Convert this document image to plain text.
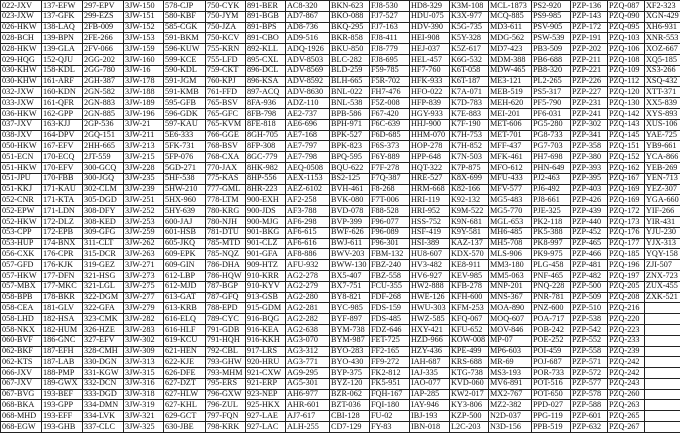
022-JXV	137-EFW	297-EPV	3JW-150	578-CJP	750-CYK	891-BER	AC8-320	BKN-623	FJ8-530	HD8-329	K3M-108	MCL-1873	PS2-920	PZP-136	PZQ-087	XF2-323
023-JXW	137-GFK	299-EZS	3JW-151	580-KBF	750-JYM	891-BGB	AD7-867	BKO-088	FJ7-527	HDU-075	K3X-977	MCQ-885	PS9-985	PZP-143	PZQ-090	XGN-429
026-HKW	138-LAQ	2FB-009	3JW-152	585-CGK	750-JZA	891-BPS	AD8-736	BKQ-295	FJ7-163	HDV-390	K5G-735	MD3-611	PSV-905	PZP-172	PZQ-095	XH6-931
028-BCH	139-BPN	2FE-266	3JW-153	591-BKM	750-KCV	891-CBO	AD9-516	BKR-858	FJ8-411	HEI-908	K5Y-328	MDG-562	PSW-539	PZP-191	PZQ-103	XNR-553
028-HKW	139-GLA	2FV-066	3JW-159	596-KUW	755-KRN	892-KLL	ADQ-1926	BKU-850	FJ8-779	HEJ-037	K5Z-617	MD7-423	PB3-509	PZP-202	PZQ-106	XOZ-667
029-HQG	152-QJU	2GG-202	3JW-160	599-KCE	755-LFD	895-CXL	ADV-8503	BLC-282	FJ8-695	HEL-457	K6G-532	MDM-388	PB6-688	PZP-211	PZQ-108	XQ5-185
030-KHW	158-KDL	2GG-780	3JW-16	590-KDL	759-CKT	896-DCL	ADV-8569	BLD-259	F59-785	HF7-760	K6T-058	MDW-465	PB8-320	PZP-221	PZQ-109	XS3-266
030-KHW	161-ARF	2GH-387	3JW-178	591-JGM	760-KPJ	896-KSA	ADV-8592	BLH-665	F5R-702	HFK-933	K6T-187	ME3-121	PL2-265	PZP-226	PZQ-112	XSQ-432
032-JXW	160-KDN	2GN-582	3JW-188	591-KMB	761-FFD	897-ACQ	ADV-8630	BNL-022	FH7-476	HFO-022	K7A-071	MEB-519	PS5-317	PZP-227	PZQ-120	XTT-371
033-JXW	161-QFR	2GN-883	3JW-189	595-GFB	765-BSV	8FA-936	ADZ-110	BNL-538	F5Z-008	HFP-839	K7D-783	MEH-620	PF5-790	PZP-231	PZQ-130	XX5-839
036-HKW	162-GPP	2GN-885	3JW-196	596-GDK	765-GFC	8FB-798	AE2-737	BPB-586	F67-420	HGY-933	K7E-883	MEI-201	PF6-031	PZP-241	PZQ-142	XYS-893
037-JXV	163-KJJ	2GP-536	3JW-21	597-KAU	765-KVM	8FE-818	AE6-696	BPH-971	F6C-639	HHJ-900	K7F-190	MET-606	PG5-280	PZP-302	PZQ-143	XUS-106
038-JXV	164-DPV	2GQ-151	3JW-211	5E6-333	766-GGE	8GH-705	AE7-168	BPK-527	F6D-685	HHM-070	K7H-753	MET-701	PG8-733	PZP-341	PZQ-145	YAE-725
050-HKW	167-EFV	2HH-665	3JW-213	5FK-731	768-BSV	8FP-308	AE7-797	BPK-823	F6S-373	HOP-278	K7H-852	MFF-437	PG7-703	PZP-358	PZQ-151	YB9-661
051-ECN	170-ECQ	2JT-559	3JW-215	5FP-076	768-CXA	8GC-779	AE7-798	BPQ-595	F6Y-889	HPP-648	K7N-503	MFK-461	PH7-698	PZP-380	PZQ-152	YCA-866
051-HKW	170-EFV	300-GCQ	3JW-228	5GD-271	770-JAX	8HK-982	AEQ-0508	BQU-622	F7F-278	HQT-322	K7P-875	MFO-612	PHN-649	PZP-393	PZQ-162	YEB-269
051-JPU	170-FBB	300-JGQ	3JW-235	5HF-538	775-KAS	8HP-556	AEX-1153	BS2-125	F7Q-387	HRE-527	K8X-699	MFU-433	PJ2-463	PZP-395	PZQ-167	YEN-713
051-KKJ	171-KAU	302-CLM	3JW-239	5HW-210	777-GML	8HR-223	AEZ-6102	BVH-461	F8-268	HRM-668	K82-166	MFV-577	PJ6-492	PZP-403	PZQ-169	YEZ-307
052-CNR	171-KTA	305-DGD	3JW-251	5HX-960	778-LTM	900-EXH	AF2-258	BVK-080	F7T-006	HRI-119	K92-132	MG5-483	PJ8-661	PZP-426	PZQ-169	YGA-660
052-EPW	171-LDN	308-DFY	3JW-252	5HY-639	780-KRG	900-JDS	AF3-788	BVD-078	F88-528	HRI-952	K9M-522	MG5-770	PJE-325	PZP-439	PZQ-172	YIF-266
052-HKW	172-DLZ	308-KED	3JW-253	600-JAJ	780-NJH	900-MJG	AF6-298	BVP-399	F96-077	HSS-752	K9N-681	MGL-653	PK2-118	PZP-440	PZQ-173	YIR-431
053-CPP	172-EPB	309-GFG	3JW-259	601-HSB	781-DTU	901-BKG	AF6-615	BWF-626	F96-089	HSF-419	K9Y-581	MH6-485	PK5-388	PZP-452	PZQ-176	YJU-230
053-HUP	174-BNX	311-CLT	3JW-262	605-JKQ	785-MTD	901-CLZ	AF6-616	BWJ-611	F96-301	HSI-389	KAZ-137	MH5-708	PK8-997	PZP-465	PZQ-177	YJX-313
056-CXK	176-CPR	315-DCR	3JW-263	609-EPK	785-NQZ	901-GFA	AF8-886	BWV-203	FBM-132	HU8-607	KDX-570	MLS-906	PK9-975	PZP-466	PZQ-185	YQY-158
057-GFD	176-KJK	319-GEZ	3JW-271	609-GIN	786-DHA	909-HTZ	AFU-932	BWW-130	FBZ-240	HV3-482	KE8-911	MM3-180	PLG-458	PZP-481	PZQ-196	ZJI-507
057-HKW	177-DFN	321-HSG	3JW-273	612-LBP	786-HQW	910-KRR	AG2-278	BX5-407	FBZ-558	HV6-927	KEV-985	MM5-063	PNF-465	PZP-482	PZQ-197	ZNX-723
057-MBX	177-MKC	321-LGL	3JW-275	612-MJD	787-BGP	910-KYV	AG2-279	BX7-751	FCU-355	HW2-888	KFB-278	MNP-201	PNQ-228	PZP-500	PZQ-205	ZUX-455
058-BPB	178-BKR	322-DGM	3JW-277	613-GAT	787-GFQ	913-GSB	AG2-280	BY8-821	FDF-268	HWE-126	KFH-600	MNS-367	PNR-781	PZP-509	PZQ-208	ZXK-521
058-CEA	181-GLV	322-GFA	3JW-279	613-KRB	788-EPD	915-GDM	AG2-281	BYC-985	FDS-159	HWU-303	KFM-253	MOA-890	PNZ-600	PZP-510	PZQ-216	
058-LHD	182-HSA	323-CMK	3JW-282	616-ELQ	789-CYC	916-BQG	AG2-282	BYF-897	FDS-485	HWZ-585	KFQ-067	MOQ-607	POA-717	PZP-538	PZQ-220	
058-NKX	182-HUM	326-HZE	3JW-283	616-HLF	791-GDB	916-KEA	AG2-638	BYM-738	FDZ-646	HXY-421	KFU-652	MOV-846	POB-242	PZP-542	PZQ-223	
060-BVF	186-GNC	327-EFV	3JW-302	619-KCU	791-HQH	916-KKH	AG3-070	BYM-987	FET-725	HZD-966	KOW-008	MP-07	POE-252	PZP-552	PZQ-233	
062-BKF	187-EFH	328-CMH	3JW-309	621-HEN	792-CBL	917-LRS	AG3-312	BYO-283	FF2-165	HZY-436	KPE-499	MP6-603	POI-459	PZP-558	PZQ-239	
062-KTS	187-LAB	330-DGN	3JW-313	622-KJE	793-GHW	920-HRU	AG3-771	BYO-430	FF9-272	IAH-687	KRS-688	MR-69	POJ-687	PZP-571	PZQ-242	
066-JXV	188-PMP	331-KGW	3JW-315	626-DFE	793-MHM	921-CXW	AG9-295	BYP-375	FK2-812	IAJ-335	KTG-738	MS3-193	POR-733	PZP-572	PZQ-242	
067-JXV	189-GWX	332-DCN	3JW-316	627-DZT	795-ERS	921-ERP	AG5-301	BYZ-120	FK5-951	IAO-077	KVD-060	MV6-891	POT-516	PZP-577	PZQ-243	
067-BVG	193-BEF	333-DGD	3JW-318	627-HLW	796-GXW	923-NEP	AH6-977	BZR-062	FQH-167	IAP-285	KW2-017	MX2-767	POT-650	PZP-578	PZQ-260	
068-BKA	193-GPP	334-DMN	3JW-319	627-KHL	796-ZUL	925-HKX	AHR-601	BZT-036	FQI-180	IAY-946	KY3-806	MZ2-382	PPD-027	PZP-588	PZQ-263	
068-MHD	193-EFF	334-LVK	3JW-321	629-GCT	797-FQN	927-LAE	AJ7-617	CBI-128	FU-02	IBJ-193	KZP-500	N2D-037	PPG-119	PZP-601	PZQ-265	
068-EGW	193-GHB	337-CLC	3JW-325	630-JBE	798-KRK	927-LAC	ALH-255	CD7-129	FY-83	IBN-018	L2C-203	N3D-156	PPB-519	PZP-632	PZQ-267	
